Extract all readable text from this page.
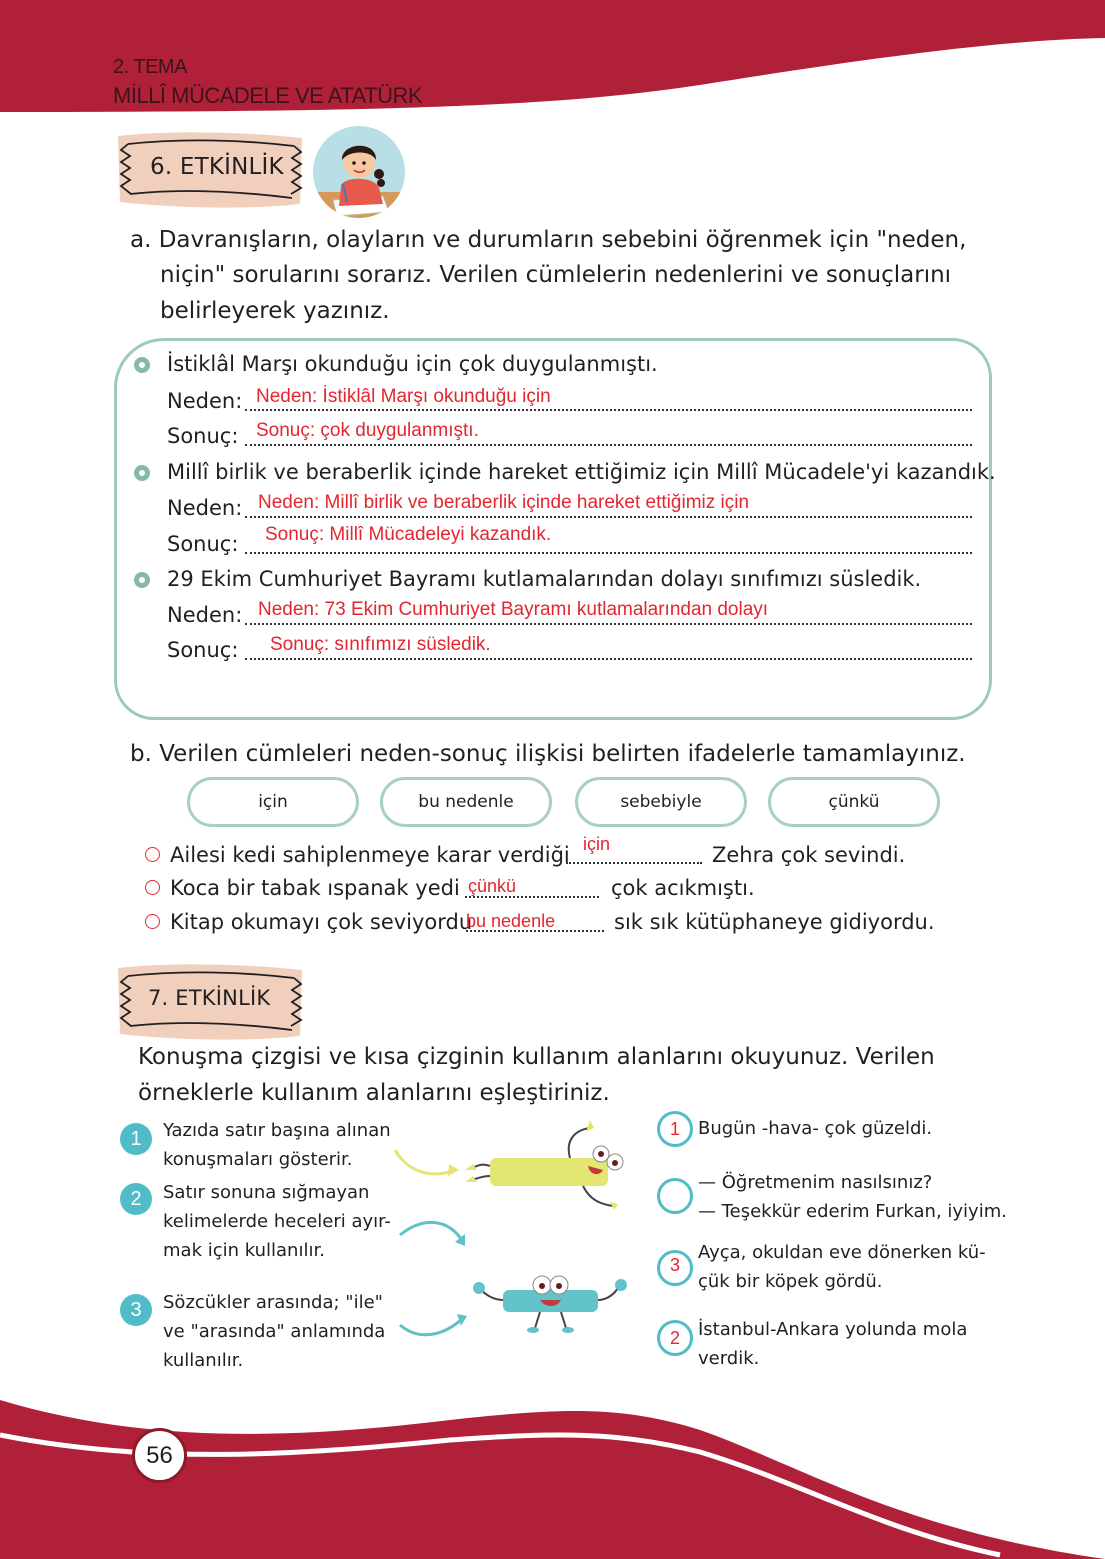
2. TEMA
MİLLÎ MÜCADELE VE ATATÜRK
6. ETKİNLİK
a. Davranışların, olayların ve durumların sebebini öğrenmek için "neden,
niçin" sorularını sorarız. Verilen cümlelerin nedenlerini ve sonuçlarını
belirleyerek yazınız.
İstiklâl Marşı okunduğu için çok duygulanmıştı.
Neden: Neden: İstiklâl Marşı okunduğu için
Sonuç: Sonuç: çok duygulanmıştı.
Millî birlik ve beraberlik içinde hareket ettiğimiz için Millî Mücadele'yi kazandık.
Neden: Neden: Millî birlik ve beraberlik içinde hareket ettiğimiz için
Sonuç: Sonuç: Millî Mücadeleyi kazandık.
29 Ekim Cumhuriyet Bayramı kutlamalarından dolayı sınıfımızı süsledik.
Neden: Neden: 73 Ekim Cumhuriyet Bayramı kutlamalarından dolayı
Sonuç: Sonuç: sınıfımızı süsledik.
b. Verilen cümleleri neden-sonuç ilişkisi belirten ifadelerle tamamlayınız.
için	bu nedenle	sebebiyle	çünkü
Ailesi kedi sahiplenmeye karar verdiği için	Zehra çok sevindi.
Koca bir tabak ıspanak yedi çünkü	çok acıkmıştı.
Kitap okumayı çok seviyordu
bu nedenle	sık sık kütüphaneye gidiyordu.
7. ETKİNLİK
Konuşma çizgisi ve kısa çizginin kullanım alanlarını okuyunuz. Verilen
örneklerle kullanım alanlarını eşleştiriniz.
1	Yazıda satır başına alınan
konuşmaları gösterir.
2	Satır sonuna sığmayan
kelimelerde heceleri ayır-
mak için kullanılır.
3	Sözcükler arasında; "ile"
ve "arasında" anlamında
kullanılır.
1	Bugün -hava- çok güzeldi.
— Öğretmenim nasılsınız?
— Teşekkür ederim Furkan, iyiyim.
3
Ayça, okuldan eve dönerken kü-
çük bir köpek gördü.
2	İstanbul-Ankara yolunda mola
verdik.
56
